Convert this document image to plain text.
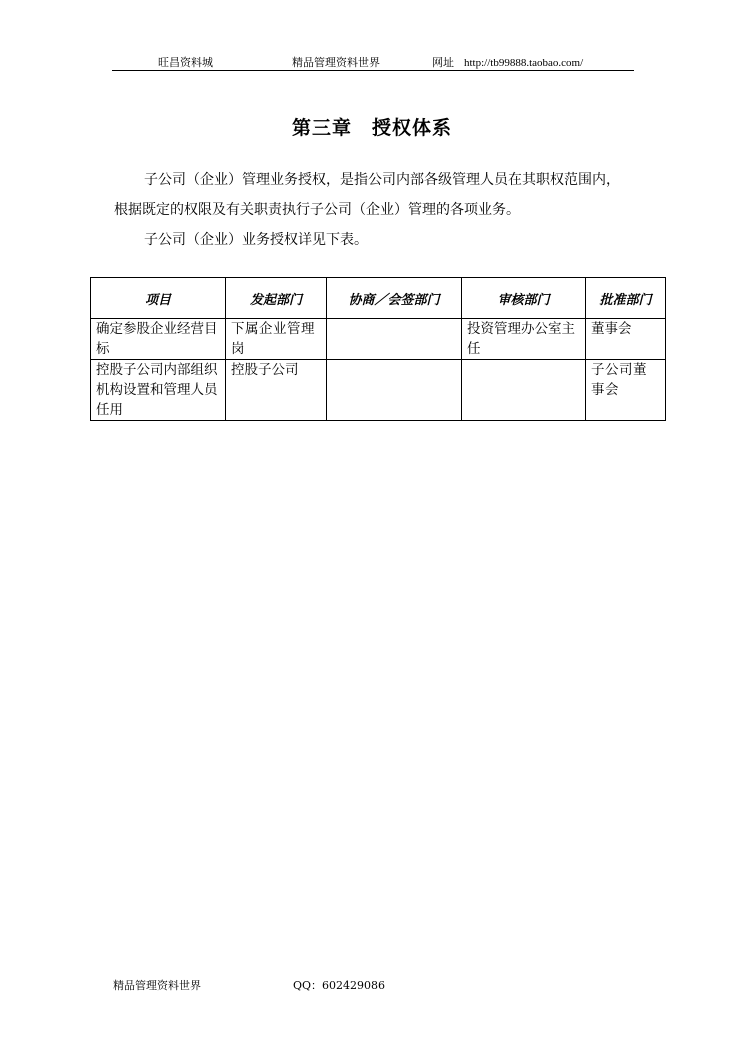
旺昌资料城	精品管理资料世界	网址 http://tb99888.taobao.com/
第三章　授权体系
子公司（企业）管理业务授权，是指公司内部各级管理人员在其职权范围内，
根据既定的权限及有关职责执行子公司（企业）管理的各项业务。
子公司（企业）业务授权详见下表。
项目	发起部门	协商／会签部门	审核部门	批准部门
确定参股企业经营目标	下属企业管理岗		投资管理办公室主任	董事会
控股子公司内部组织机构设置和管理人员任用	控股子公司			子公司董事会
精品管理资料世界	QQ：602429086
